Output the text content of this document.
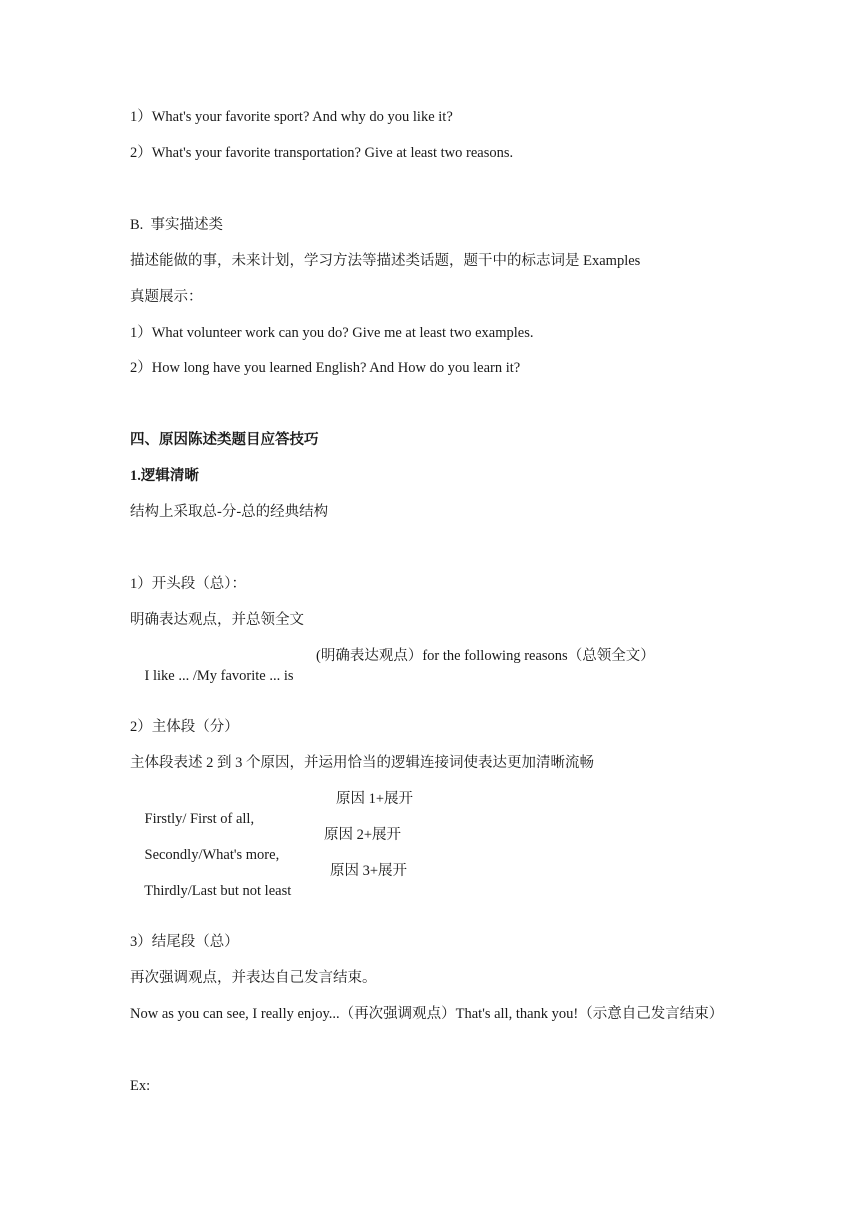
1）What's your favorite sport? And why do you like it?
2）What's your favorite transportation? Give at least two reasons.
B.  事实描述类
描述能做的事，未来计划，学习方法等描述类话题，题干中的标志词是 Examples
真题展示：
1）What volunteer work can you do? Give me at least two examples.
2）How long have you learned English? And How do you learn it?
四、原因陈述类题目应答技巧
1.逻辑清晰
结构上采取总-分-总的经典结构
1）开头段（总）：
明确表达观点，并总领全文

I like ... /My favorite ... is

(明确表达观点）for the following reasons（总领全文）

2）主体段（分）
主体段表述 2 到 3 个原因，并运用恰当的逻辑连接词使表达更加清晰流畅

Firstly/ First of all,

原因 1+展开

Secondly/What's more,

原因 2+展开

Thirdly/Last but not least

原因 3+展开

3）结尾段（总）
再次强调观点，并表达自己发言结束。
Now as you can see, I really enjoy...（再次强调观点）That's all, thank you!（示意自己发言结束）
Ex:
